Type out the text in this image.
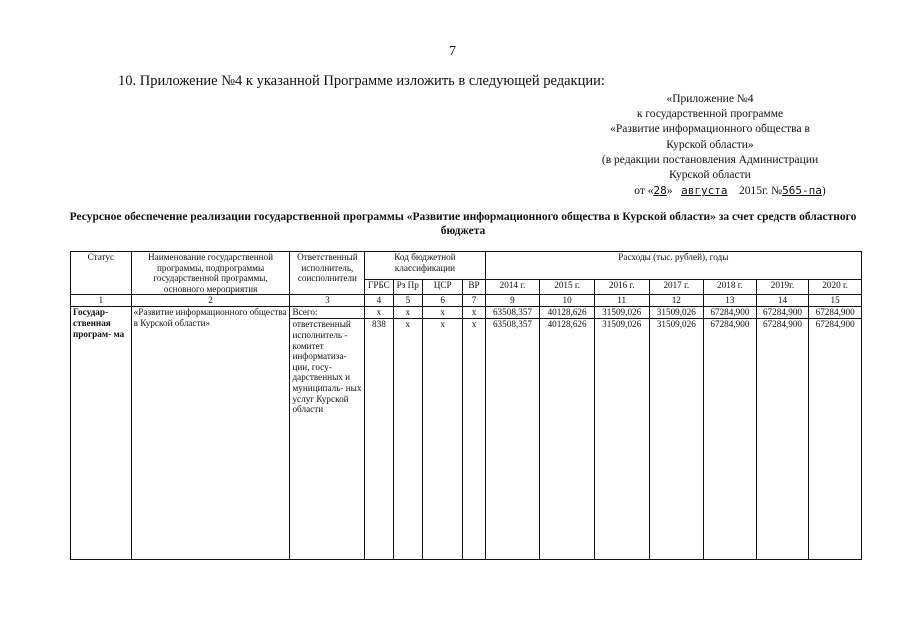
7
10. Приложение №4 к указанной Программе изложить в следующей редакции:
«Приложение №4
к государственной программе
«Развитие информационного общества в
Курской области»
(в редакции постановления Администрации
Курской области
от «28» августа 2015г. №565-па)
Ресурсное обеспечение реализации государственной программы «Развитие информационного общества в Курской области» за счет средств областного бюджета
Статус	Наименование государственной программы, подпрограммы государственной программы, основного мероприятия	Ответственный исполнитель, соисполнители	Код бюджетной классификации				Расходы (тыс. рублей), годы						
			ГРБС	Рз Пр	ЦСР	ВР	2014 г.	2015 г.	2016 г.	2017 г.	2018 г.	2019г.	2020 г.
1	2	3	4	5	6	7	9	10	11	12	13	14	15
Государ- ственная програм- ма	«Развитие информационного общества в Курской области»	Всего:	x	x	x	x	63508,357	40128,626	31509,026	31509,026	67284,900	67284,900	67284,900
		ответственный исполнитель - комитет информатиза- ции, госу- дарственных и муниципаль- ных услуг Курской области	838	x	x	x	63508,357	40128,626	31509,026	31509,026	67284,900	67284,900	67284,900
